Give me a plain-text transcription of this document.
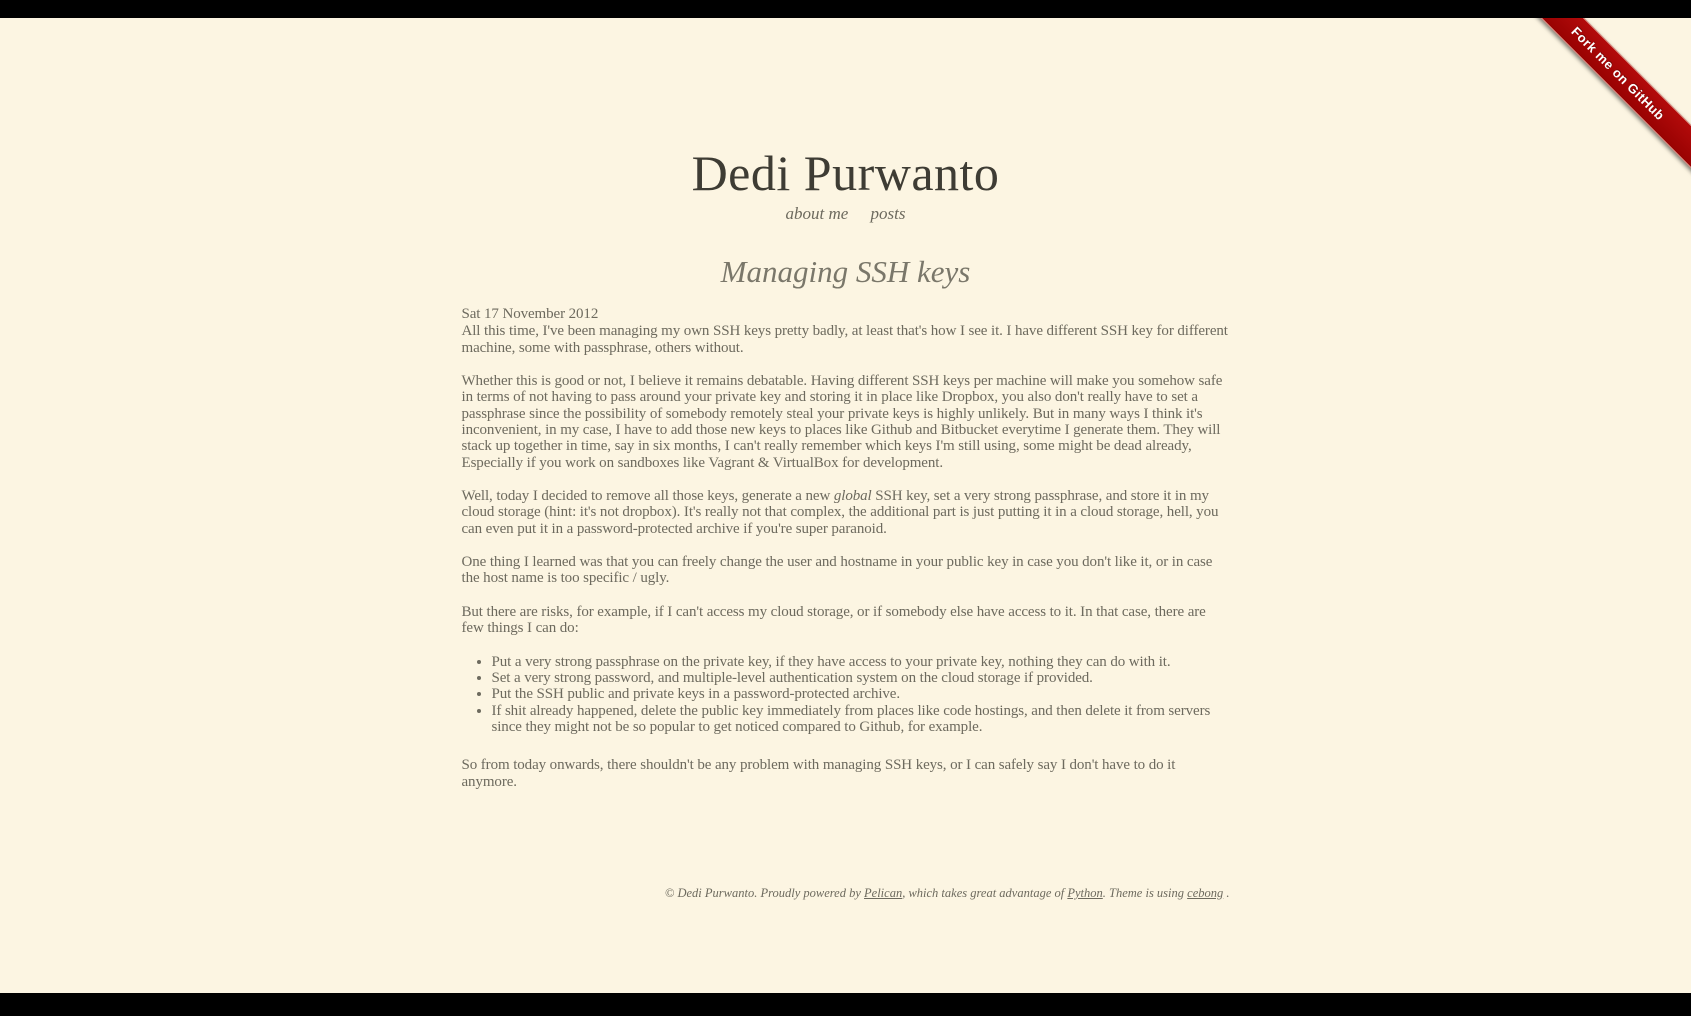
Fork me on GitHub
Dedi Purwanto
about me posts
Managing SSH keys
Sat 17 November 2012

All this time, I've been managing my own SSH keys pretty badly, at least that's how I see it. I have different SSH key for different machine, some with passphrase, others without.

Whether this is good or not, I believe it remains debatable. Having different SSH keys per machine will make you somehow safe in terms of not having to pass around your private key and storing it in place like Dropbox, you also don't really have to set a passphrase since the possibility of somebody remotely steal your private keys is highly unlikely. But in many ways I think it's inconvenient, in my case, I have to add those new keys to places like Github and Bitbucket everytime I generate them. They will stack up together in time, say in six months, I can't really remember which keys I'm still using, some might be dead already, Especially if you work on sandboxes like Vagrant & VirtualBox for development.

Well, today I decided to remove all those keys, generate a new global SSH key, set a very strong passphrase, and store it in my cloud storage (hint: it's not dropbox). It's really not that complex, the additional part is just putting it in a cloud storage, hell, you can even put it in a password-protected archive if you're super paranoid.

One thing I learned was that you can freely change the user and hostname in your public key in case you don't like it, or in case the host name is too specific / ugly.

But there are risks, for example, if I can't access my cloud storage, or if somebody else have access to it. In that case, there are few things I can do:

• Put a very strong passphrase on the private key, if they have access to your private key, nothing they can do with it.
• Set a very strong password, and multiple-level authentication system on the cloud storage if provided.
• Put the SSH public and private keys in a password-protected archive.
• If shit already happened, delete the public key immediately from places like code hostings, and then delete it from servers since they might not be so popular to get noticed compared to Github, for example.

So from today onwards, there shouldn't be any problem with managing SSH keys, or I can safely say I don't have to do it anymore.

© Dedi Purwanto. Proudly powered by Pelican, which takes great advantage of Python. Theme is using cebong .
